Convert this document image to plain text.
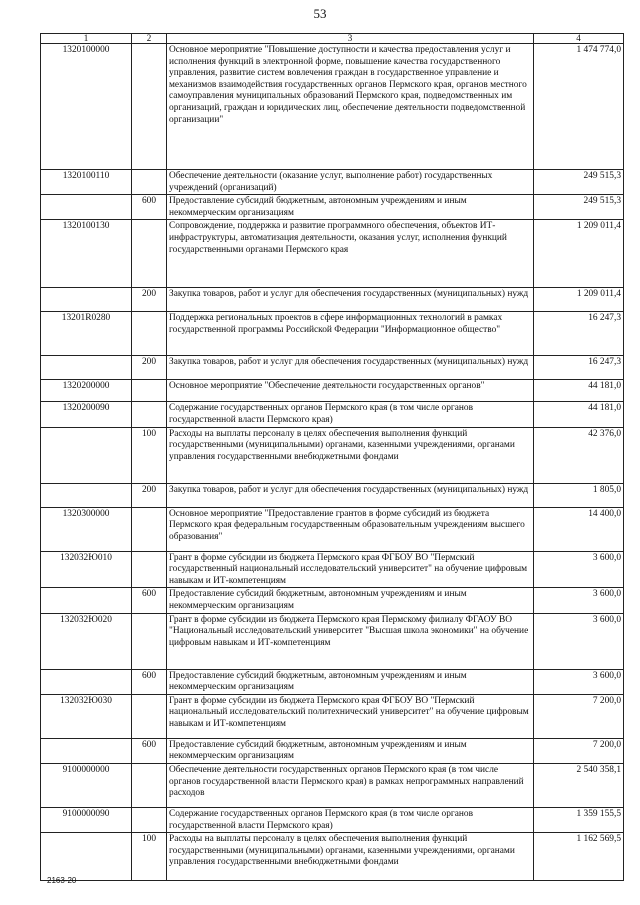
53
1	2	3	4
1320100000		Основное мероприятие "Повышение доступности и качества предоставления услуг и исполнения функций в электронной форме, повышение качества государственного управления, развитие систем вовлечения граждан в государственное управление и механизмов взаимодействия государственных органов Пермского края, органов местного самоуправления муниципальных образований Пермского края, подведомственных им организаций, граждан и юридических лиц, обеспечение деятельности подведомственной организации"	1 474 774,0
1320100110		Обеспечение деятельности (оказание услуг, выполнение работ) государственных учреждений (организаций)	249 515,3
	600	Предоставление субсидий бюджетным, автономным учреждениям и иным некоммерческим организациям	249 515,3
1320100130		Сопровождение, поддержка и развитие программного обеспечения, объектов ИТ-инфраструктуры, автоматизация деятельности, оказания услуг, исполнения функций государственными органами Пермского края	1 209 011,4
	200	Закупка товаров, работ и услуг для обеспечения государственных (муниципальных) нужд	1 209 011,4
13201R0280		Поддержка региональных проектов в сфере информационных технологий в рамках государственной программы Российской Федерации "Информационное общество"	16 247,3
	200	Закупка товаров, работ и услуг для обеспечения государственных (муниципальных) нужд	16 247,3
1320200000		Основное мероприятие "Обеспечение деятельности государственных органов"	44 181,0
1320200090		Содержание государственных органов Пермского края (в том числе органов государственной власти Пермского края)	44 181,0
	100	Расходы на выплаты персоналу в целях обеспечения выполнения функций государственными (муниципальными) органами, казенными учреждениями, органами управления государственными внебюджетными фондами	42 376,0
	200	Закупка товаров, работ и услуг для обеспечения государственных (муниципальных) нужд	1 805,0
1320300000		Основное мероприятие "Предоставление грантов в форме субсидий из бюджета Пермского края федеральным государственным образовательным учреждениям высшего образования"	14 400,0
132032Ю010		Грант в форме субсидии из бюджета Пермского края ФГБОУ ВО "Пермский государственный национальный исследовательский университет" на обучение цифровым навыкам и ИТ-компетенциям	3 600,0
	600	Предоставление субсидий бюджетным, автономным учреждениям и иным некоммерческим организациям	3 600,0
132032Ю020		Грант в форме субсидии из бюджета Пермского края Пермскому филиалу ФГАОУ ВО "Национальный исследовательский университет "Высшая школа экономики" на обучение цифровым навыкам и ИТ-компетенциям	3 600,0
	600	Предоставление субсидий бюджетным, автономным учреждениям и иным некоммерческим организациям	3 600,0
132032Ю030		Грант в форме субсидии из бюджета Пермского края ФГБОУ ВО "Пермский национальный исследовательский политехнический университет" на обучение цифровым навыкам и ИТ-компетенциям	7 200,0
	600	Предоставление субсидий бюджетным, автономным учреждениям и иным некоммерческим организациям	7 200,0
9100000000		Обеспечение деятельности государственных органов Пермского края (в том числе органов государственной власти Пермского края) в рамках непрограммных направлений расходов	2 540 358,1
9100000090		Содержание государственных органов Пермского края (в том числе органов государственной власти Пермского края)	1 359 155,5
	100	Расходы на выплаты персоналу в целях обеспечения выполнения функций государственными (муниципальными) органами, казенными учреждениями, органами управления государственными внебюджетными фондами	1 162 569,5
2163-20
